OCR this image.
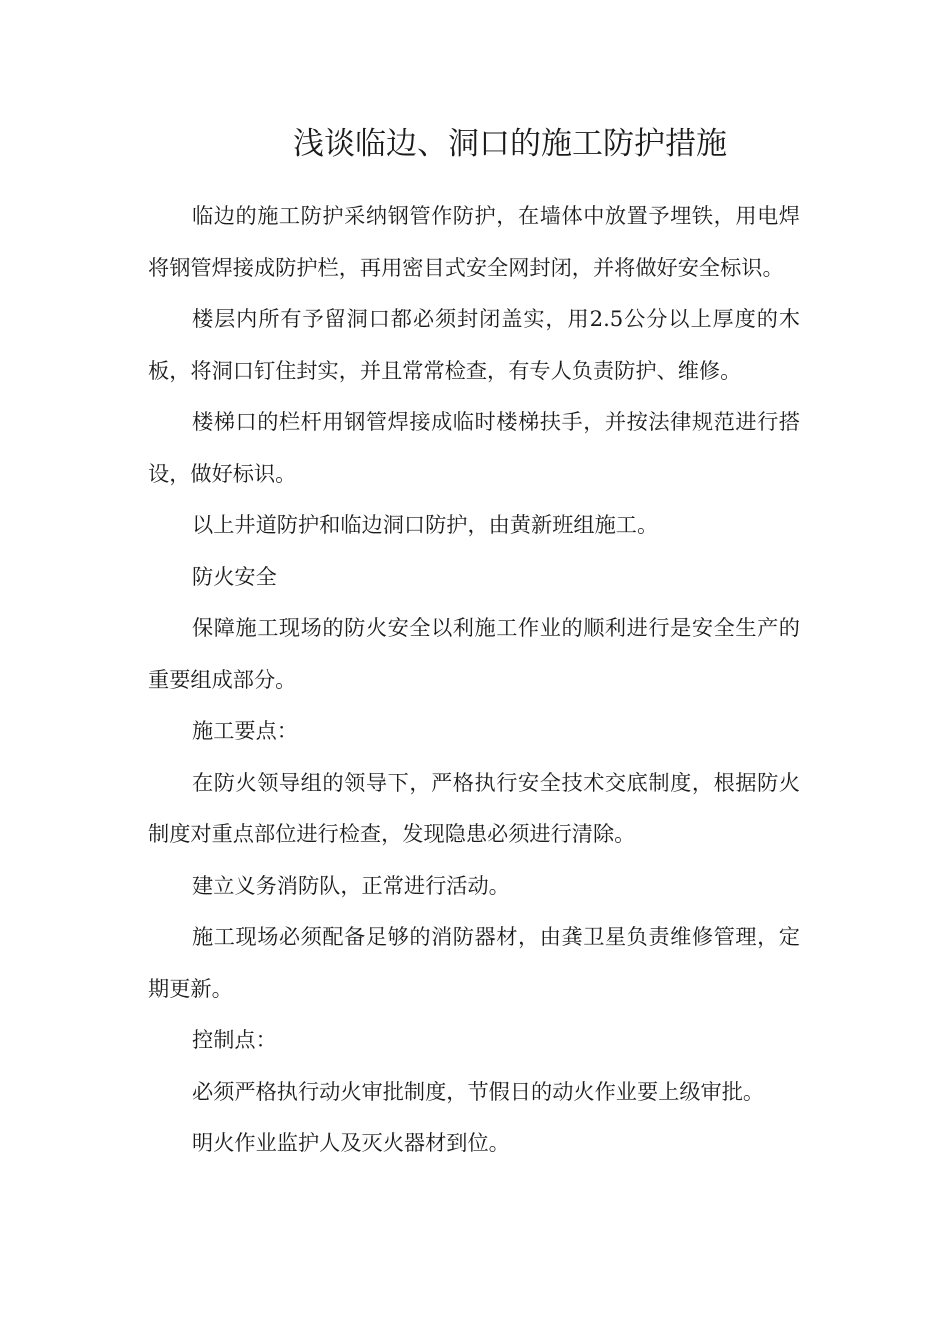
浅谈临边、洞口的施工防护措施

临边的施工防护采纳钢管作防护，在墙体中放置予埋铁，用电焊将钢管焊接成防护栏，再用密目式安全网封闭，并将做好安全标识。

楼层内所有予留洞口都必须封闭盖实，用2.5公分以上厚度的木板，将洞口钉住封实，并且常常检查，有专人负责防护、维修。

楼梯口的栏杆用钢管焊接成临时楼梯扶手，并按法律规范进行搭设，做好标识。

以上井道防护和临边洞口防护，由黄新班组施工。

防火安全

保障施工现场的防火安全以利施工作业的顺利进行是安全生产的重要组成部分。

施工要点：

在防火领导组的领导下，严格执行安全技术交底制度，根据防火制度对重点部位进行检查，发现隐患必须进行清除。

建立义务消防队，正常进行活动。

施工现场必须配备足够的消防器材，由龚卫星负责维修管理，定期更新。

控制点：

必须严格执行动火审批制度，节假日的动火作业要上级审批。

明火作业监护人及灭火器材到位。
